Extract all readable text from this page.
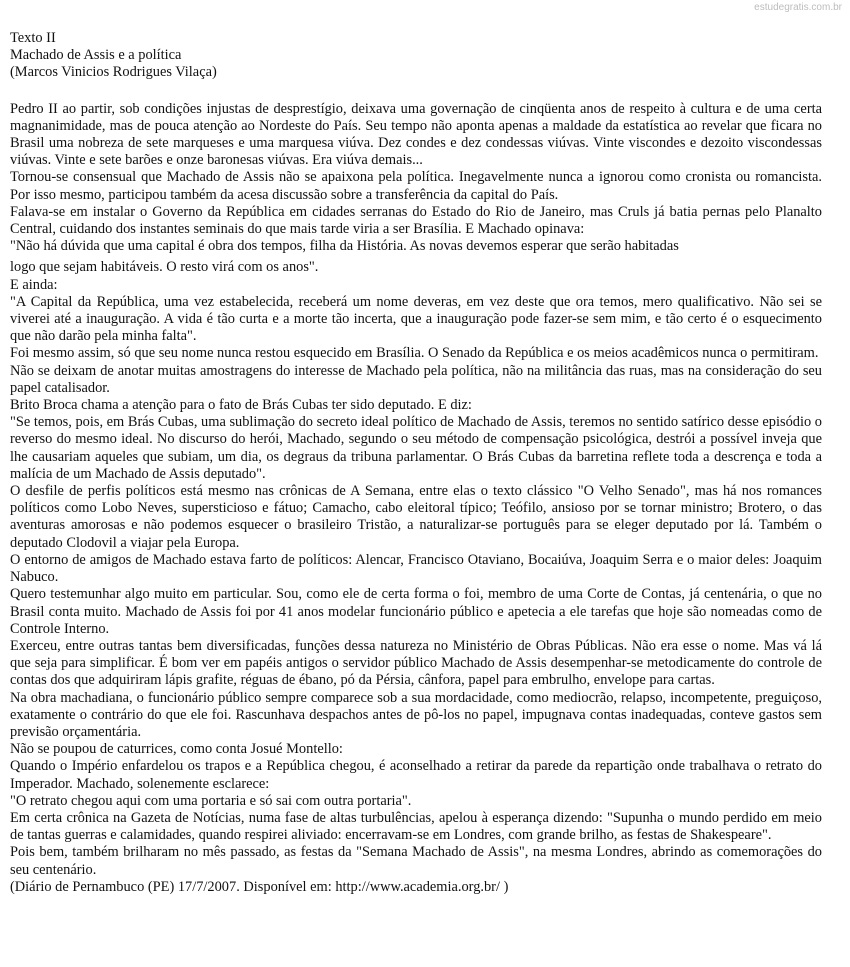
estudegratis.com.br

Texto II

Machado de Assis e a política

(Marcos Vinicios Rodrigues Vilaça)

Pedro II ao partir, sob condições injustas de desprestígio, deixava uma governação de cinqüenta anos de respeito à cultura e de uma certa magnanimidade, mas de pouca atenção ao Nordeste do País. Seu tempo não aponta apenas a maldade da estatística ao revelar que ficara no Brasil uma nobreza de sete marqueses e uma marquesa viúva. Dez condes e dez condessas viúvas. Vinte viscondes e dezoito viscondessas viúvas. Vinte e sete barões e onze baronesas viúvas. Era viúva demais...

Tornou-se consensual que Machado de Assis não se apaixona pela política. Inegavelmente nunca a ignorou como cronista ou romancista. Por isso mesmo, participou também da acesa discussão sobre a transferência da capital do País.

Falava-se em instalar o Governo da República em cidades serranas do Estado do Rio de Janeiro, mas Cruls já batia pernas pelo Planalto Central, cuidando dos instantes seminais do que mais tarde viria a ser Brasília. E Machado opinava:

"Não há dúvida que uma capital é obra dos tempos, filha da História. As novas devemos esperar que serão habitadas

logo que sejam habitáveis. O resto virá com os anos".

E ainda:

"A Capital da República, uma vez estabelecida, receberá um nome deveras, em vez deste que ora temos, mero qualificativo. Não sei se viverei até a inauguração. A vida é tão curta e a morte tão incerta, que a inauguração pode fazer-se sem mim, e tão certo é o esquecimento que não darão pela minha falta".

Foi mesmo assim, só que seu nome nunca restou esquecido em Brasília. O Senado da República e os meios acadêmicos nunca o permitiram.

Não se deixam de anotar muitas amostragens do interesse de Machado pela política, não na militância das ruas, mas na consideração do seu papel catalisador.

Brito Broca chama a atenção para o fato de Brás Cubas ter sido deputado. E diz:

"Se temos, pois, em Brás Cubas, uma sublimação do secreto ideal político de Machado de Assis, teremos no sentido satírico desse episódio o reverso do mesmo ideal. No discurso do herói, Machado, segundo o seu método de compensação psicológica, destrói a possível inveja que lhe causariam aqueles que subiam, um dia, os degraus da tribuna parlamentar. O Brás Cubas da barretina reflete toda a descrença e toda a malícia de um Machado de Assis deputado".

O desfile de perfis políticos está mesmo nas crônicas de A Semana, entre elas o texto clássico "O Velho Senado", mas há nos romances políticos como Lobo Neves, supersticioso e fátuo; Camacho, cabo eleitoral típico; Teófilo, ansioso por se tornar ministro; Brotero, o das aventuras amorosas e não podemos esquecer o brasileiro Tristão, a naturalizar-se português para se eleger deputado por lá. Também o deputado Clodovil a viajar pela Europa.

O entorno de amigos de Machado estava farto de políticos: Alencar, Francisco Otaviano, Bocaiúva, Joaquim Serra e o maior deles: Joaquim Nabuco.

Quero testemunhar algo muito em particular. Sou, como ele de certa forma o foi, membro de uma Corte de Contas, já centenária, o que no Brasil conta muito. Machado de Assis foi por 41 anos modelar funcionário público e apetecia a ele tarefas que hoje são nomeadas como de Controle Interno.

Exerceu, entre outras tantas bem diversificadas, funções dessa natureza no Ministério de Obras Públicas. Não era esse o nome. Mas vá lá que seja para simplificar. É bom ver em papéis antigos o servidor público Machado de Assis desempenhar-se metodicamente do controle de contas dos que adquiriram lápis grafite, réguas de ébano, pó da Pérsia, cânfora, papel para embrulho, envelope para cartas.

Na obra machadiana, o funcionário público sempre comparece sob a sua mordacidade, como mediocrão, relapso, incompetente, preguiçoso, exatamente o contrário do que ele foi. Rascunhava despachos antes de pô-los no papel, impugnava contas inadequadas, conteve gastos sem previsão orçamentária.

Não se poupou de caturrices, como conta Josué Montello:

Quando o Império enfardelou os trapos e a República chegou, é aconselhado a retirar da parede da repartição onde trabalhava o retrato do Imperador. Machado, solenemente esclarece:

"O retrato chegou aqui com uma portaria e só sai com outra portaria".

Em certa crônica na Gazeta de Notícias, numa fase de altas turbulências, apelou à esperança dizendo: "Supunha o mundo perdido em meio de tantas guerras e calamidades, quando respirei aliviado: encerravam-se em Londres, com grande brilho, as festas de Shakespeare".

Pois bem, também brilharam no mês passado, as festas da "Semana Machado de Assis", na mesma Londres, abrindo as comemorações do seu centenário.

(Diário de Pernambuco (PE) 17/7/2007. Disponível em: http://www.academia.org.br/ )
